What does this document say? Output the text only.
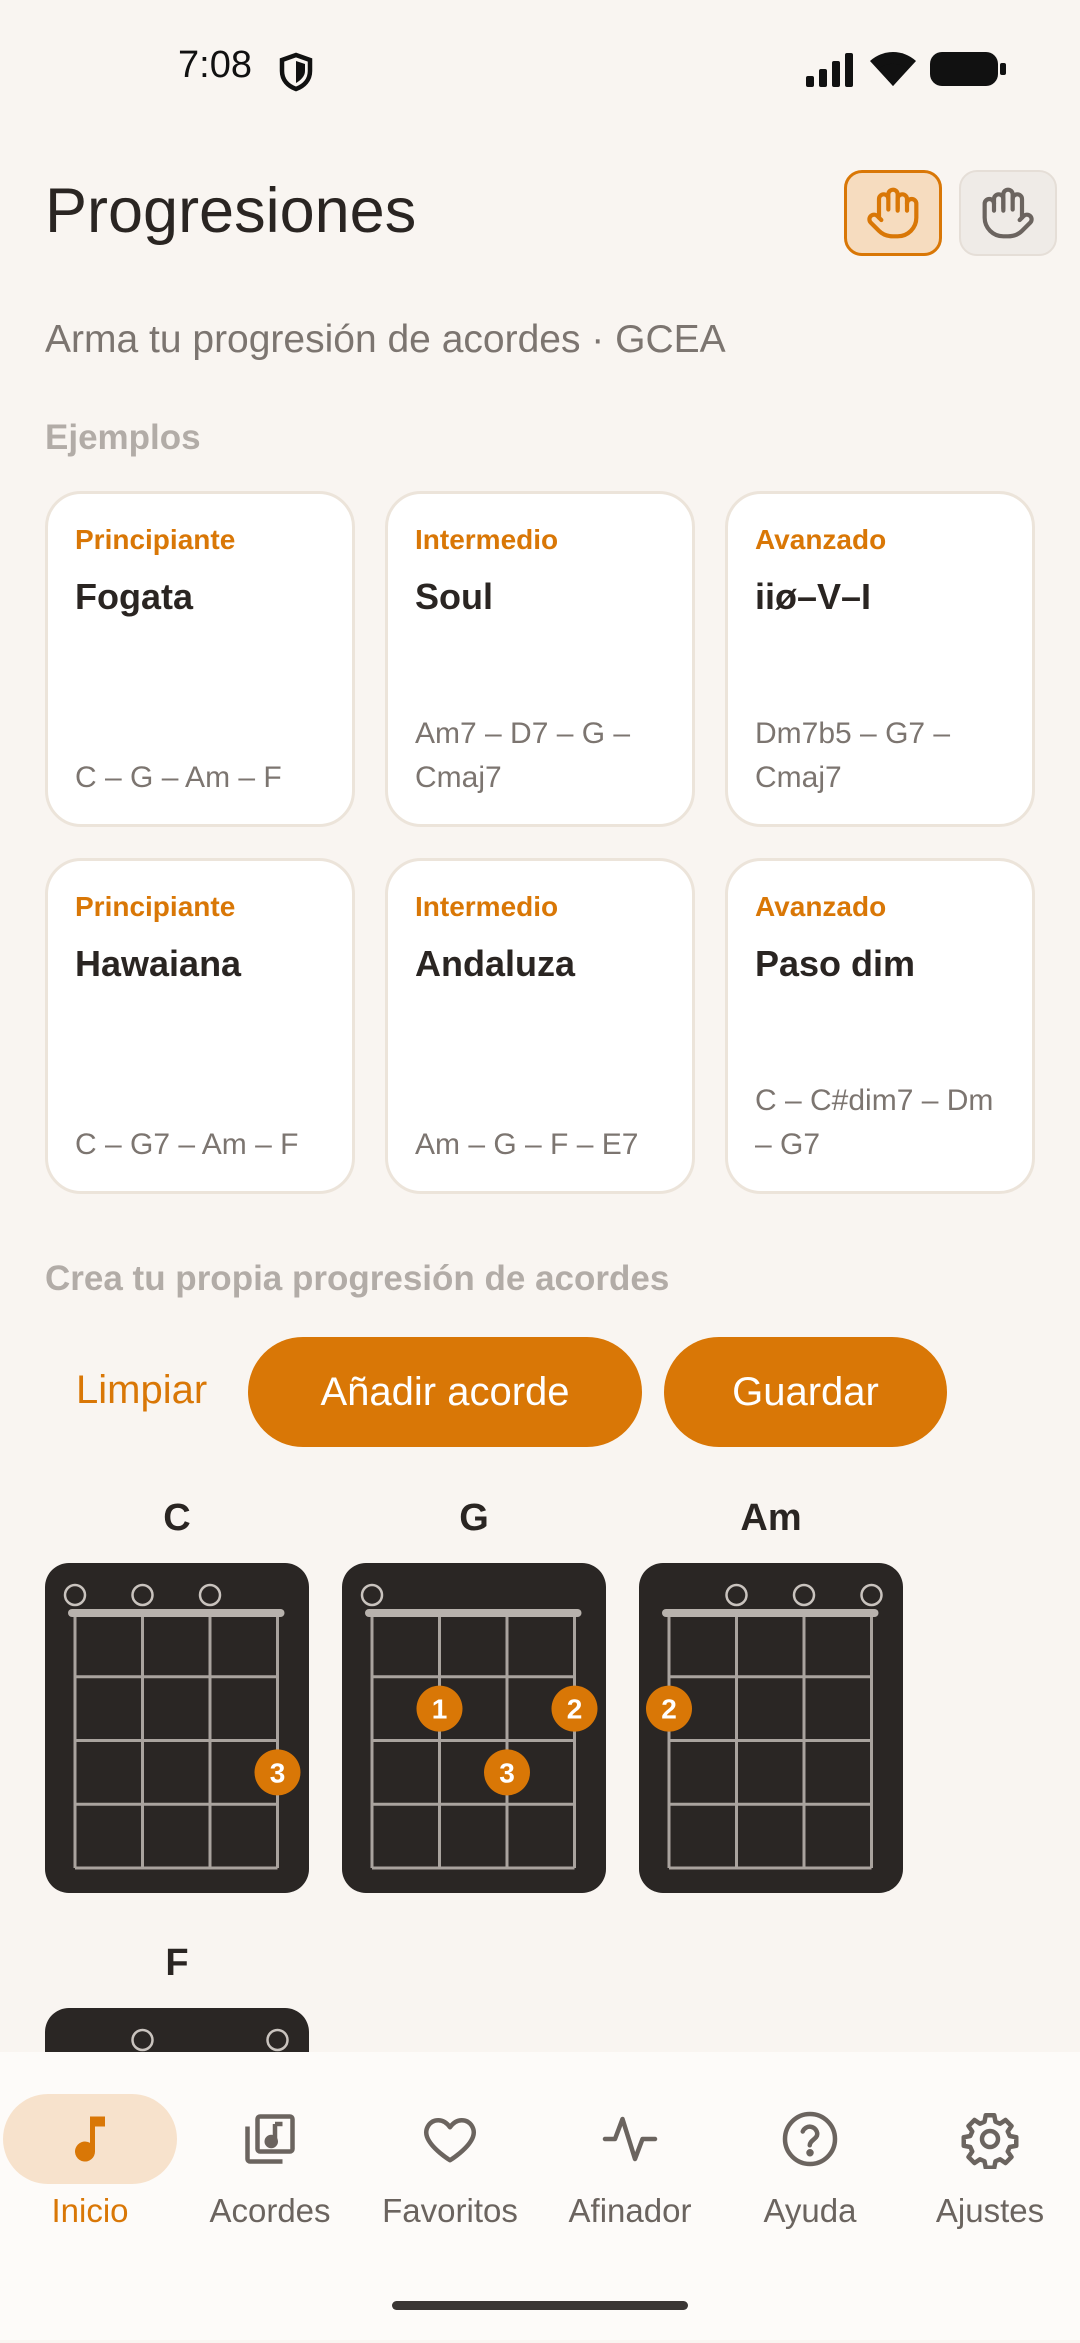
7:08
Progresiones
Arma tu progresión de acordes · GCEA
Ejemplos
Principiante
Fogata
C – G – Am – F
Intermedio
Soul
Am7 – D7 – G – Cmaj7
Avanzado
iiø–V–I
Dm7b5 – G7 – Cmaj7
Principiante
Hawaiana
C – G7 – Am – F
Intermedio
Andaluza
Am – G – F – E7
Avanzado
Paso dim
C – C#dim7 – Dm – G7
Crea tu propia progresión de acordes
Limpiar	Añadir acorde	Guardar
C
3
G
1	2
3
Am
2
F
Inicio	Acordes	Favoritos	Afinador	Ayuda	Ajustes
